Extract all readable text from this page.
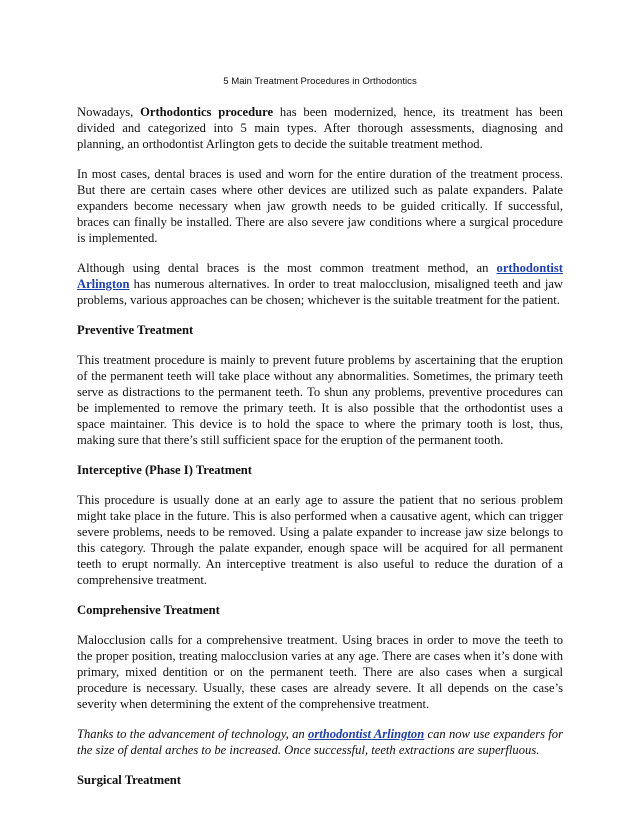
5 Main Treatment Procedures in Orthodontics

Nowadays, Orthodontics procedure has been modernized, hence, its treatment has been divided and categorized into 5 main types. After thorough assessments, diagnosing and planning, an orthodontist Arlington gets to decide the suitable treatment method.

In most cases, dental braces is used and worn for the entire duration of the treatment process. But there are certain cases where other devices are utilized such as palate expanders. Palate expanders become necessary when jaw growth needs to be guided critically. If successful, braces can finally be installed. There are also severe jaw conditions where a surgical procedure is implemented.

Although using dental braces is the most common treatment method, an orthodontist Arlington has numerous alternatives. In order to treat malocclusion, misaligned teeth and jaw problems, various approaches can be chosen; whichever is the suitable treatment for the patient.

Preventive Treatment

This treatment procedure is mainly to prevent future problems by ascertaining that the eruption of the permanent teeth will take place without any abnormalities. Sometimes, the primary teeth serve as distractions to the permanent teeth. To shun any problems, preventive procedures can be implemented to remove the primary teeth. It is also possible that the orthodontist uses a space maintainer. This device is to hold the space to where the primary tooth is lost, thus, making sure that there’s still sufficient space for the eruption of the permanent tooth.

Interceptive (Phase I) Treatment

This procedure is usually done at an early age to assure the patient that no serious problem might take place in the future. This is also performed when a causative agent, which can trigger severe problems, needs to be removed. Using a palate expander to increase jaw size belongs to this category. Through the palate expander, enough space will be acquired for all permanent teeth to erupt normally. An interceptive treatment is also useful to reduce the duration of a comprehensive treatment.

Comprehensive Treatment

Malocclusion calls for a comprehensive treatment. Using braces in order to move the teeth to the proper position, treating malocclusion varies at any age. There are cases when it’s done with primary, mixed dentition or on the permanent teeth. There are also cases when a surgical procedure is necessary. Usually, these cases are already severe. It all depends on the case’s severity when determining the extent of the comprehensive treatment.

Thanks to the advancement of technology, an orthodontist Arlington can now use expanders for the size of dental arches to be increased. Once successful, teeth extractions are superfluous.

Surgical Treatment
